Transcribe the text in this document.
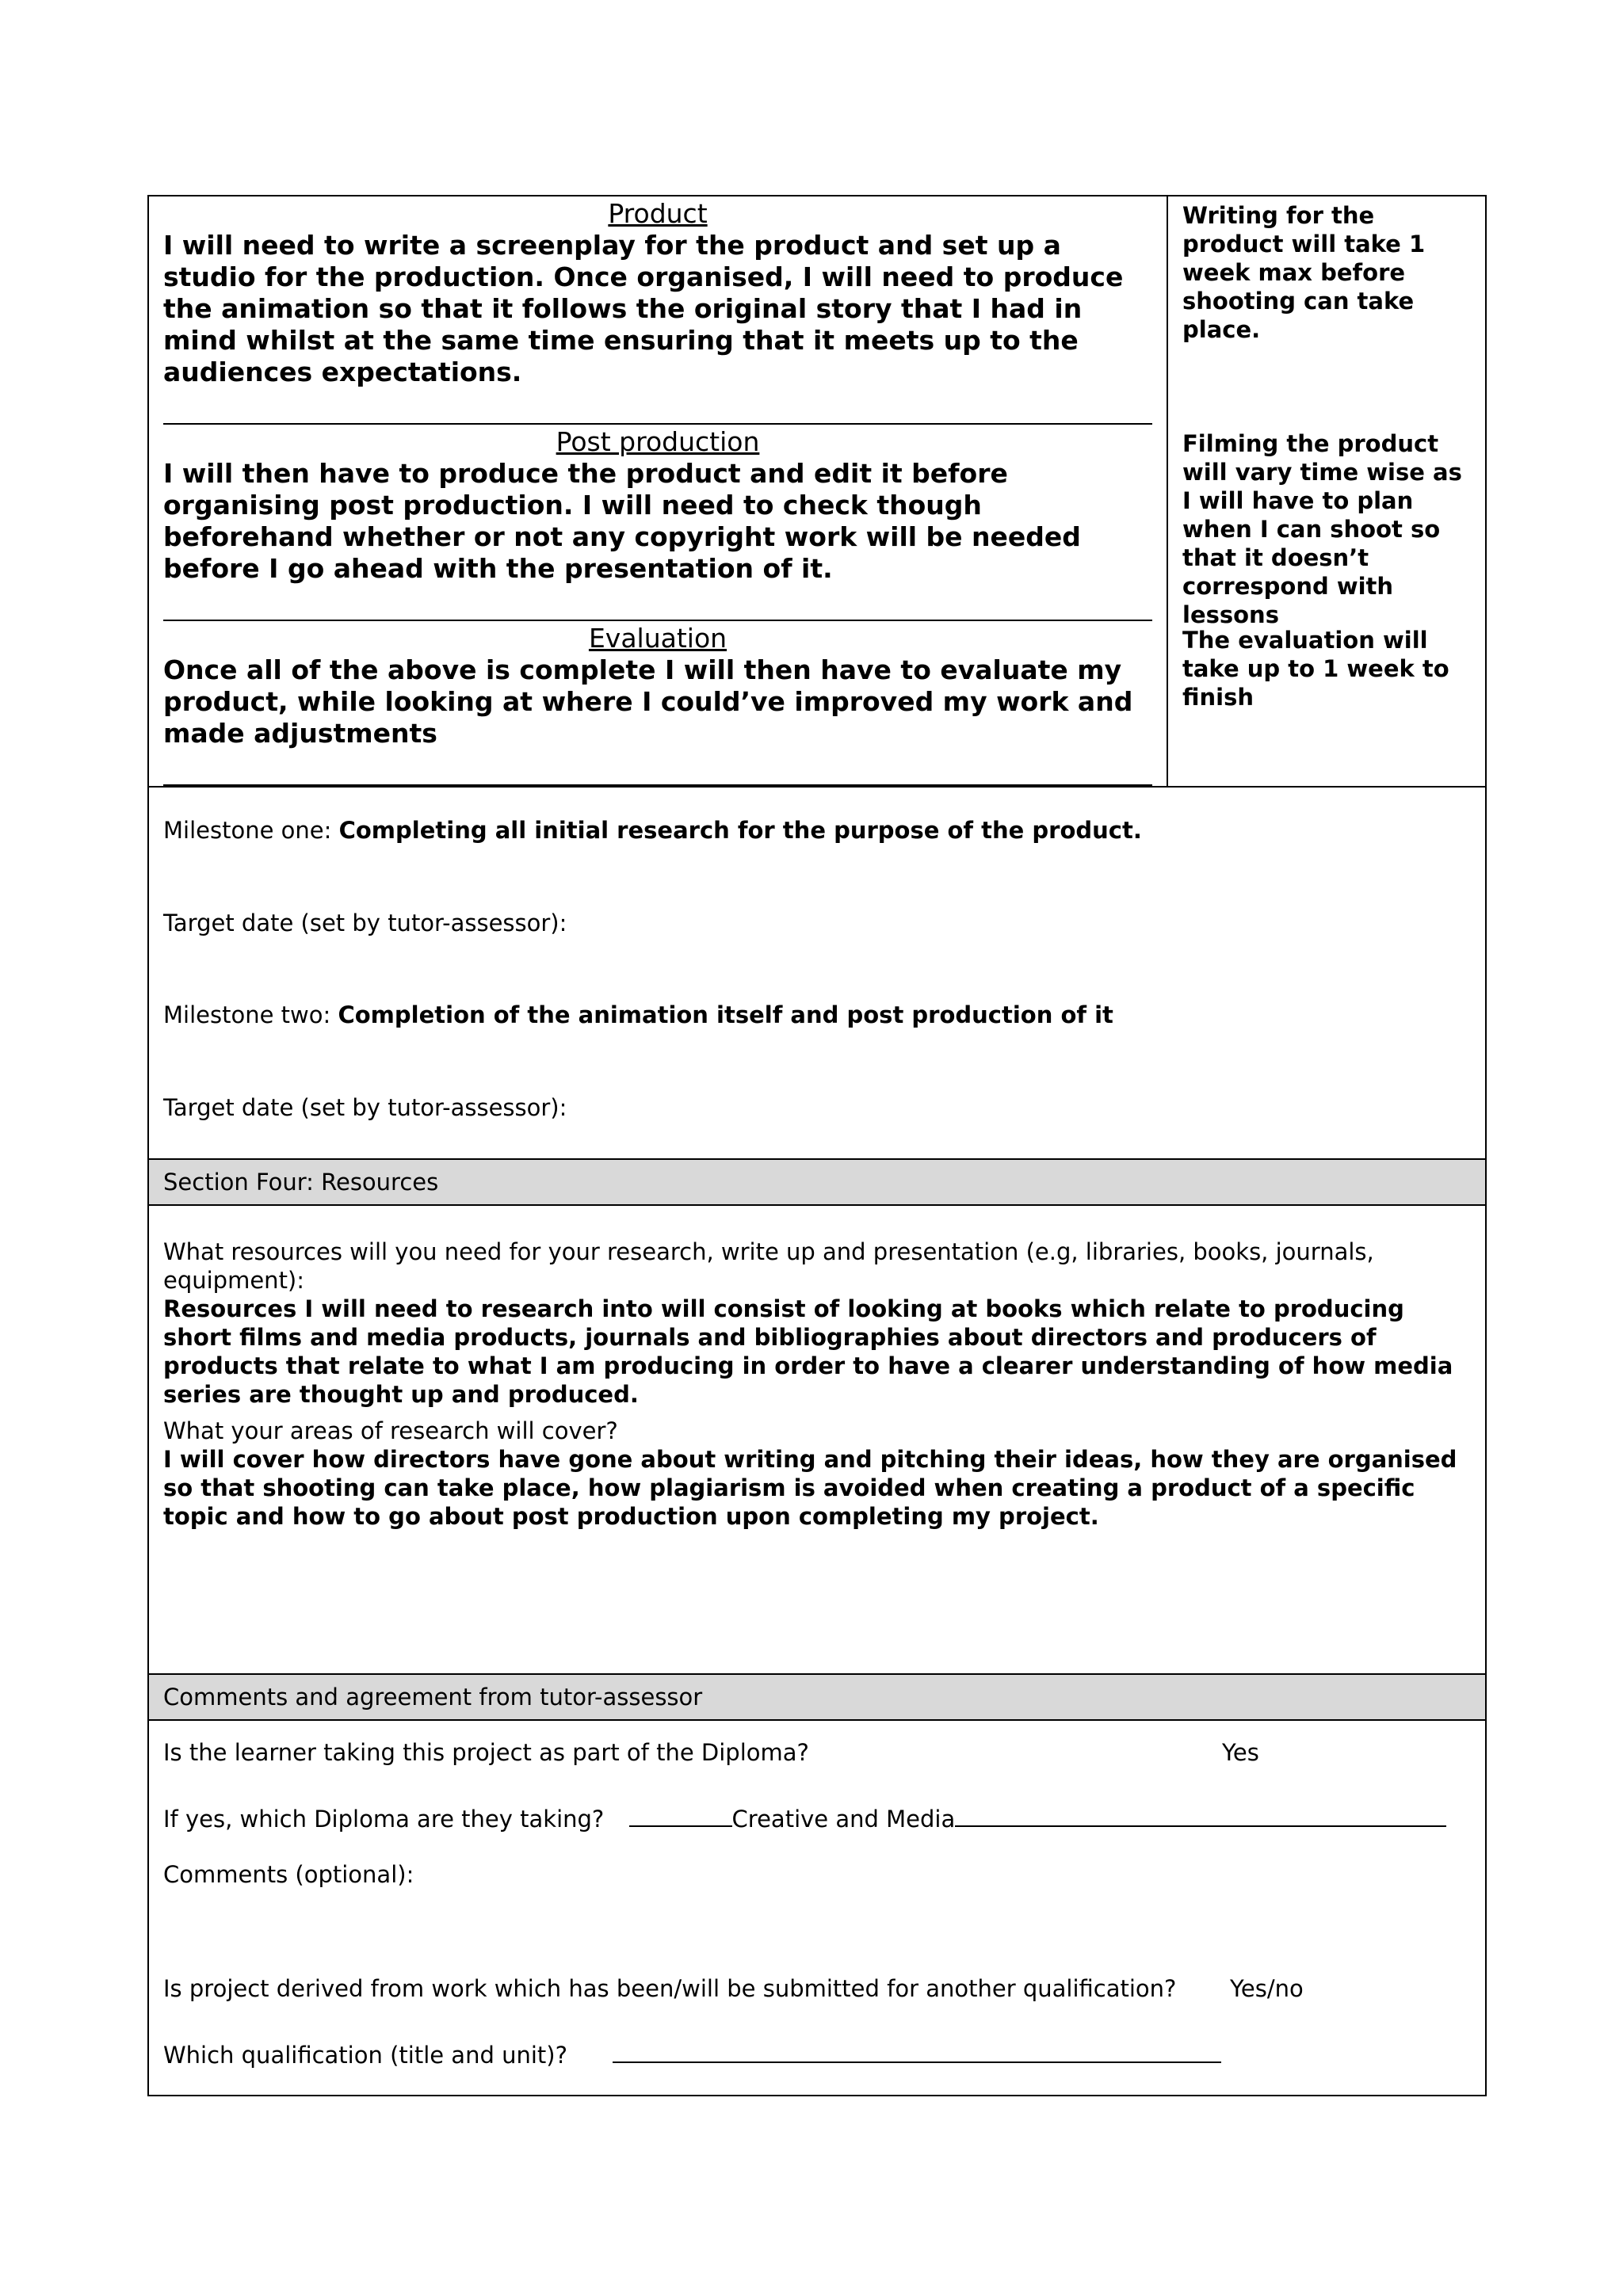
Product
I will need to write a screenplay for the product and set up a studio for the production. Once organised, I will need to produce the animation so that it follows the original story that I had in mind whilst at the same time ensuring that it meets up to the audiences expectations.
Writing for the product will take 1 week max before shooting can take place.
Post production
I will then have to produce the product and edit it before organising post production. I will need to check though beforehand whether or not any copyright work will be needed before I go ahead with the presentation of it.
Filming the product will vary time wise as I will have to plan when I can shoot so that it doesn’t correspond with lessons
Evaluation
Once all of the above is complete I will then have to evaluate my product, while looking at where I could’ve improved my work and made adjustments
The evaluation will take up to 1 week to finish
Milestone one: Completing all initial research for the purpose of the product.
Target date (set by tutor-assessor):
Milestone two: Completion of the animation itself and post production of it
Target date (set by tutor-assessor):
Section Four: Resources
What resources will you need for your research, write up and presentation (e.g, libraries, books, journals, equipment):
Resources I will need to research into will consist of looking at books which relate to producing short films and media products, journals and bibliographies about directors and producers of products that relate to what I am producing in order to have a clearer understanding of how media series are thought up and produced.
What your areas of research will cover?
I will cover how directors have gone about writing and pitching their ideas, how they are organised so that shooting can take place, how plagiarism is avoided when creating a product of a specific topic and how to go about post production upon completing my project.
Comments and agreement from tutor-assessor
Is the learner taking this project as part of the Diploma?	Yes
If yes, which Diploma are they taking?	Creative and Media
Comments (optional):
Is project derived from work which has been/will be submitted for another qualification? Yes/no
Which qualification (title and unit)?
